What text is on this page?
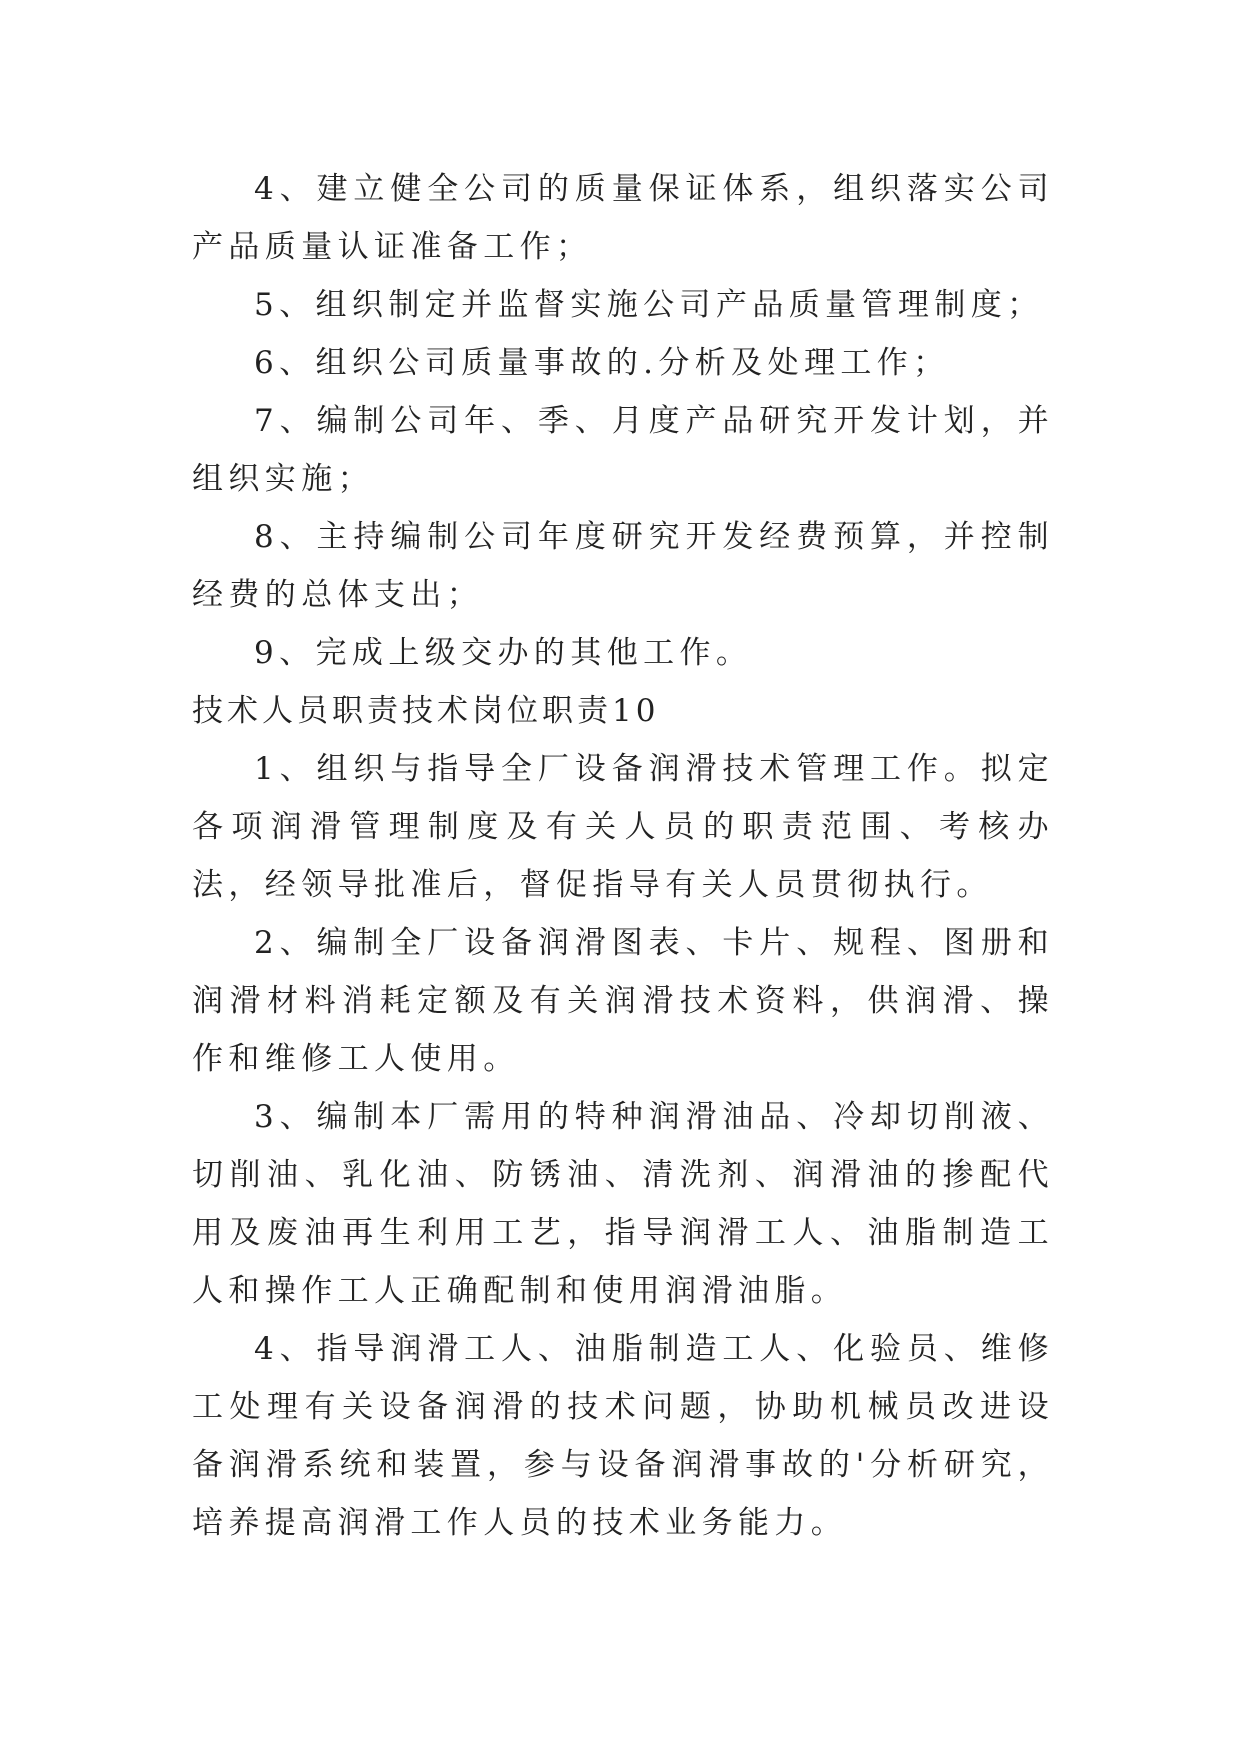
4、建立健全公司的质量保证体系，组织落实公司产品质量认证准备工作；

5、组织制定并监督实施公司产品质量管理制度；

6、组织公司质量事故的.分析及处理工作；

7、编制公司年、季、月度产品研究开发计划，并组织实施；

8、主持编制公司年度研究开发经费预算，并控制经费的总体支出；

9、完成上级交办的其他工作。

技术人员职责技术岗位职责10

1、组织与指导全厂设备润滑技术管理工作。拟定各项润滑管理制度及有关人员的职责范围、考核办法，经领导批准后，督促指导有关人员贯彻执行。

2、编制全厂设备润滑图表、卡片、规程、图册和润滑材料消耗定额及有关润滑技术资料，供润滑、操作和维修工人使用。

3、编制本厂需用的特种润滑油品、冷却切削液、切削油、乳化油、防锈油、清洗剂、润滑油的掺配代用及废油再生利用工艺，指导润滑工人、油脂制造工人和操作工人正确配制和使用润滑油脂。

4、指导润滑工人、油脂制造工人、化验员、维修工处理有关设备润滑的技术问题，协助机械员改进设备润滑系统和装置，参与设备润滑事故的'分析研究，培养提高润滑工作人员的技术业务能力。
